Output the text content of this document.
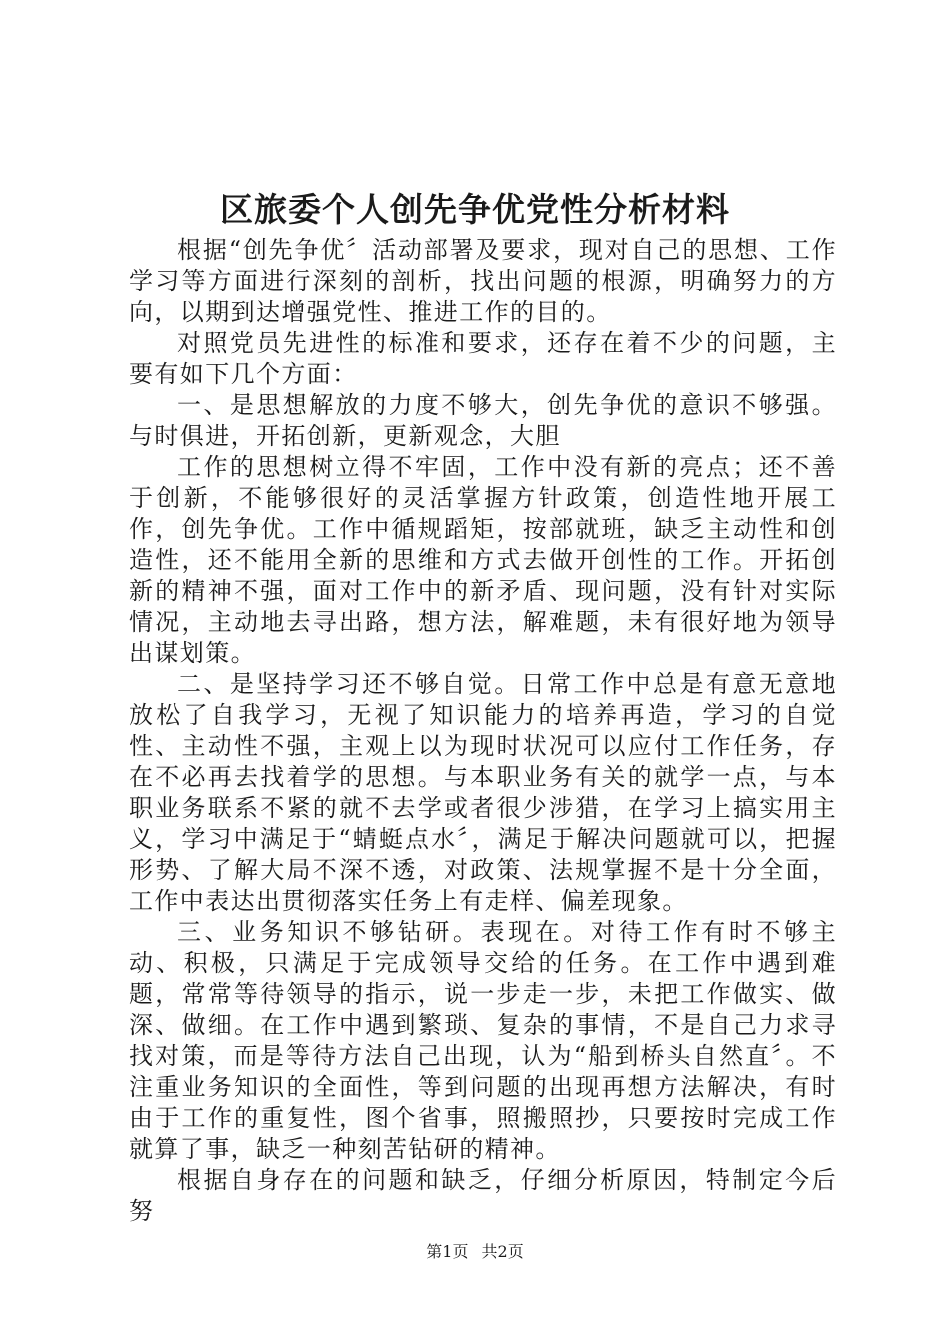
区旅委个人创先争优党性分析材料

根据“创先争优〞活动部署及要求，现对自己的思想、工作学习等方面进行深刻的剖析，找出问题的根源，明确努力的方向，以期到达增强党性、推进工作的目的。

对照党员先进性的标准和要求，还存在着不少的问题，主要有如下几个方面：

一、是思想解放的力度不够大，创先争优的意识不够强。与时俱进，开拓创新，更新观念，大胆

工作的思想树立得不牢固，工作中没有新的亮点；还不善于创新，不能够很好的灵活掌握方针政策，创造性地开展工作，创先争优。工作中循规蹈矩，按部就班，缺乏主动性和创造性，还不能用全新的思维和方式去做开创性的工作。开拓创新的精神不强，面对工作中的新矛盾、现问题，没有针对实际情况，主动地去寻出路，想方法，解难题，未有很好地为领导出谋划策。

二、是坚持学习还不够自觉。日常工作中总是有意无意地放松了自我学习，无视了知识能力的培养再造，学习的自觉性、主动性不强，主观上以为现时状况可以应付工作任务，存在不必再去找着学的思想。与本职业务有关的就学一点，与本职业务联系不紧的就不去学或者很少涉猎，在学习上搞实用主义，学习中满足于“蜻蜓点水〞，满足于解决问题就可以，把握形势、了解大局不深不透，对政策、法规掌握不是十分全面，工作中表达出贯彻落实任务上有走样、偏差现象。

三、业务知识不够钻研。表现在。对待工作有时不够主动、积极，只满足于完成领导交给的任务。在工作中遇到难题，常常等待领导的指示，说一步走一步，未把工作做实、做深、做细。在工作中遇到繁琐、复杂的事情，不是自己力求寻找对策，而是等待方法自己出现，认为“船到桥头自然直〞。不注重业务知识的全面性，等到问题的出现再想方法解决，有时由于工作的重复性，图个省事，照搬照抄，只要按时完成工作就算了事，缺乏一种刻苦钻研的精神。

根据自身存在的问题和缺乏，仔细分析原因，特制定今后努

第1页 共2页
